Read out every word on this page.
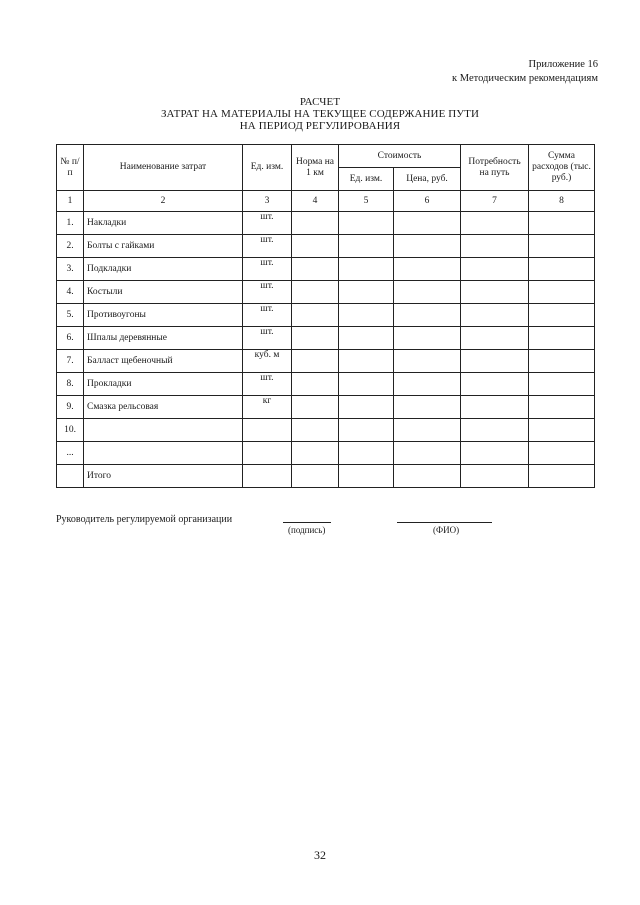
Приложение 16
к Методическим рекомендациям
РАСЧЕТ
ЗАТРАТ НА МАТЕРИАЛЫ НА ТЕКУЩЕЕ СОДЕРЖАНИЕ ПУТИ
НА ПЕРИОД РЕГУЛИРОВАНИЯ
№ п/п	Наименование затрат	Ед. изм.	Норма на 1 км	Стоимость		Потребность на путь	Сумма расходов (тыс. руб.)
				Ед. изм.	Цена, руб.		
1	2	3	4	5	6	7	8
1.	Накладки	шт.					
2.	Болты с гайками	шт.					
3.	Подкладки	шт.					
4.	Костыли	шт.					
5.	Противоугоны	шт.					
6.	Шпалы деревянные	шт.					
7.	Балласт щебеночный	куб. м					
8.	Прокладки	шт.					
9.	Смазка рельсовая	кг					
10.							
...							
	Итого						
Руководитель регулируемой организации
(подпись)	(ФИО)
32
